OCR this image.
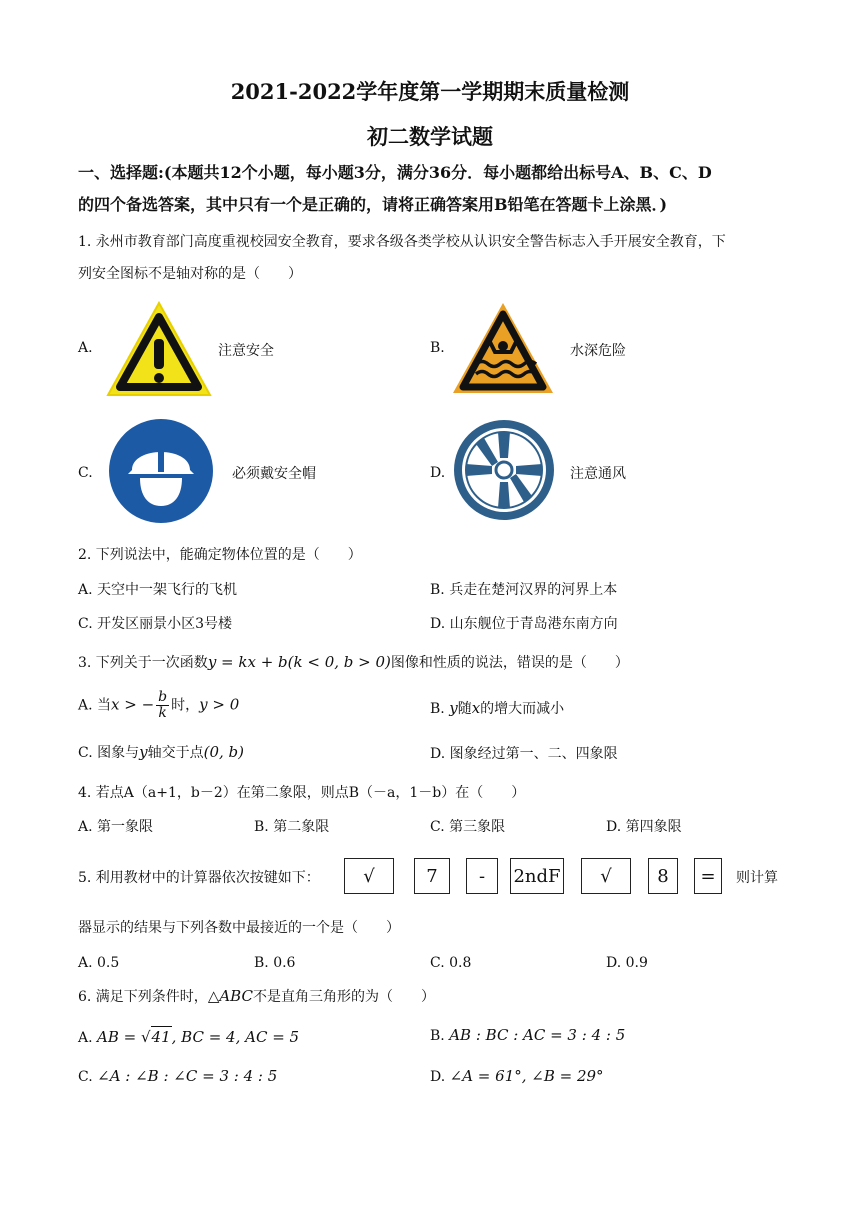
2021-2022学年度第一学期期末质量检测
初二数学试题
一、选择题:(本题共12个小题，每小题3分，满分36分．每小题都给出标号A、B、C、D
的四个备选答案，其中只有一个是正确的，请将正确答案用B铅笔在答题卡上涂黑．)
1. 永州市教育部门高度重视校园安全教育，要求各级各类学校从认识安全警告标志入手开展安全教育，下
列安全图标不是轴对称的是（　　）
A.	注意安全	B.	水深危险
C.	必须戴安全帽	D.	注意通风
2. 下列说法中，能确定物体位置的是（　　）
A. 天空中一架飞行的飞机	B. 兵走在楚河汉界的河界上本
C. 开发区丽景小区3号楼	D. 山东舰位于青岛港东南方向
3. 下列关于一次函数y = kx + b(k < 0, b > 0)图像和性质的说法，错误的是（　　）
A. 当x > − $\frac{b}{k}$ 时，y > 0	B. y随x的增大而减小
C. 图象与y轴交于点(0, b)	D. 图象经过第一、二、四象限
4. 若点A（a+1，b－2）在第二象限，则点B（－a，1－b）在（　　）
A. 第一象限	B. 第二象限	C. 第三象限	D. 第四象限
5. 利用教材中的计算器依次按键如下：	√	7	-	2ndF	√	8	=	则计算
器显示的结果与下列各数中最接近的一个是（　　）
A. 0.5	B. 0.6	C. 0.8	D. 0.9
6. 满足下列条件时，△ABC不是直角三角形的为（　　）
A. AB = √41, BC = 4, AC = 5	B. AB : BC : AC = 3 : 4 : 5
C. ∠A : ∠B : ∠C = 3 : 4 : 5	D. ∠A = 61°, ∠B = 29°
